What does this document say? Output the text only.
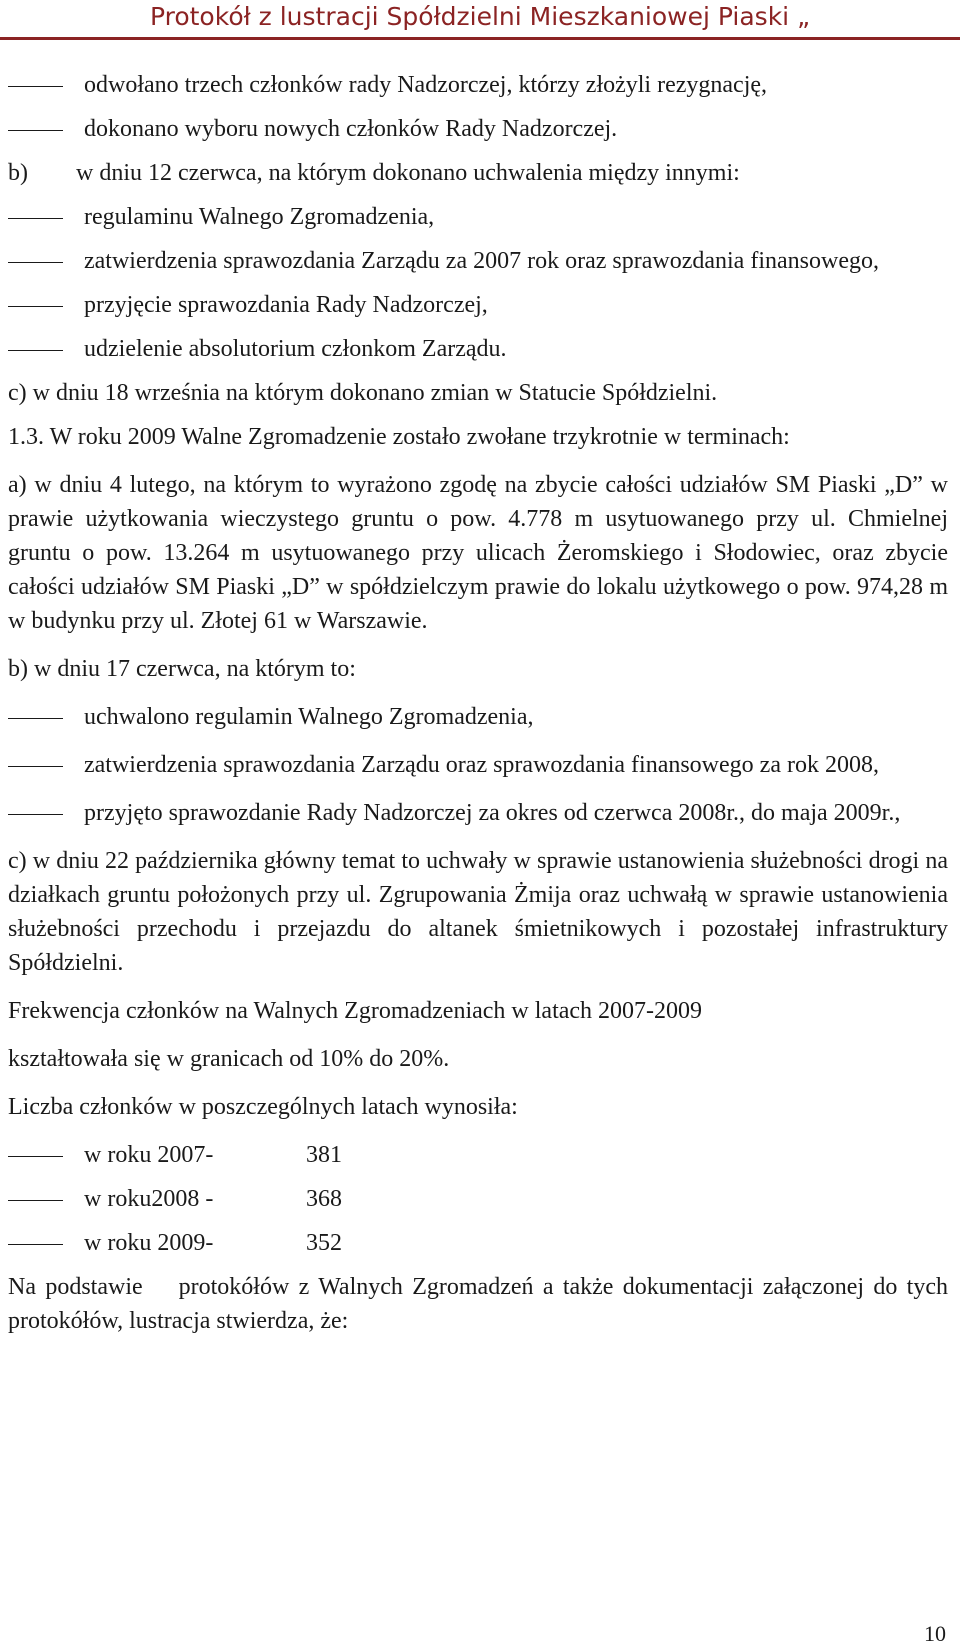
Protokół z lustracji Spółdzielni Mieszkaniowej Piaski „
odwołano trzech członków rady Nadzorczej, którzy złożyli rezygnację,
dokonano wyboru nowych członków Rady Nadzorczej.
b)        w dniu 12 czerwca, na którym dokonano uchwalenia między innymi:
regulaminu Walnego Zgromadzenia,
zatwierdzenia sprawozdania Zarządu za 2007 rok oraz sprawozdania finansowego,
przyjęcie sprawozdania Rady Nadzorczej,
udzielenie absolutorium członkom Zarządu.
c) w dniu 18 września na którym dokonano zmian w Statucie Spółdzielni.
1.3. W roku 2009 Walne Zgromadzenie zostało zwołane trzykrotnie w terminach:
a) w dniu 4 lutego, na którym to wyrażono zgodę na zbycie całości udziałów SM Piaski „D” w prawie użytkowania wieczystego gruntu o pow. 4.778 m usytuowanego przy ul. Chmielnej gruntu o pow. 13.264 m usytuowanego przy ulicach Żeromskiego i Słodowiec, oraz zbycie całości udziałów SM Piaski „D” w spółdzielczym prawie do lokalu użytkowego o pow. 974,28 m w budynku przy ul. Złotej 61 w Warszawie.
b) w dniu 17 czerwca, na którym to:
uchwalono regulamin Walnego Zgromadzenia,
zatwierdzenia sprawozdania Zarządu oraz sprawozdania finansowego za rok 2008,
przyjęto sprawozdanie Rady Nadzorczej za okres od czerwca 2008r., do maja 2009r.,
c) w dniu 22 października główny temat to uchwały w sprawie ustanowienia służebności drogi na działkach gruntu położonych przy ul. Zgrupowania Żmija oraz uchwałą w sprawie ustanowienia służebności przechodu i przejazdu do altanek śmietnikowych i pozostałej infrastruktury Spółdzielni.
Frekwencja członków na Walnych Zgromadzeniach w latach 2007-2009
kształtowała się w granicach od 10% do 20%.
Liczba członków w poszczególnych latach wynosiła:
w roku 2007-	381
w roku2008 -	368
w roku 2009-	352
Na podstawie protokółów z Walnych Zgromadzeń a także dokumentacji załączonej do tych protokółów, lustracja stwierdza, że:
10
